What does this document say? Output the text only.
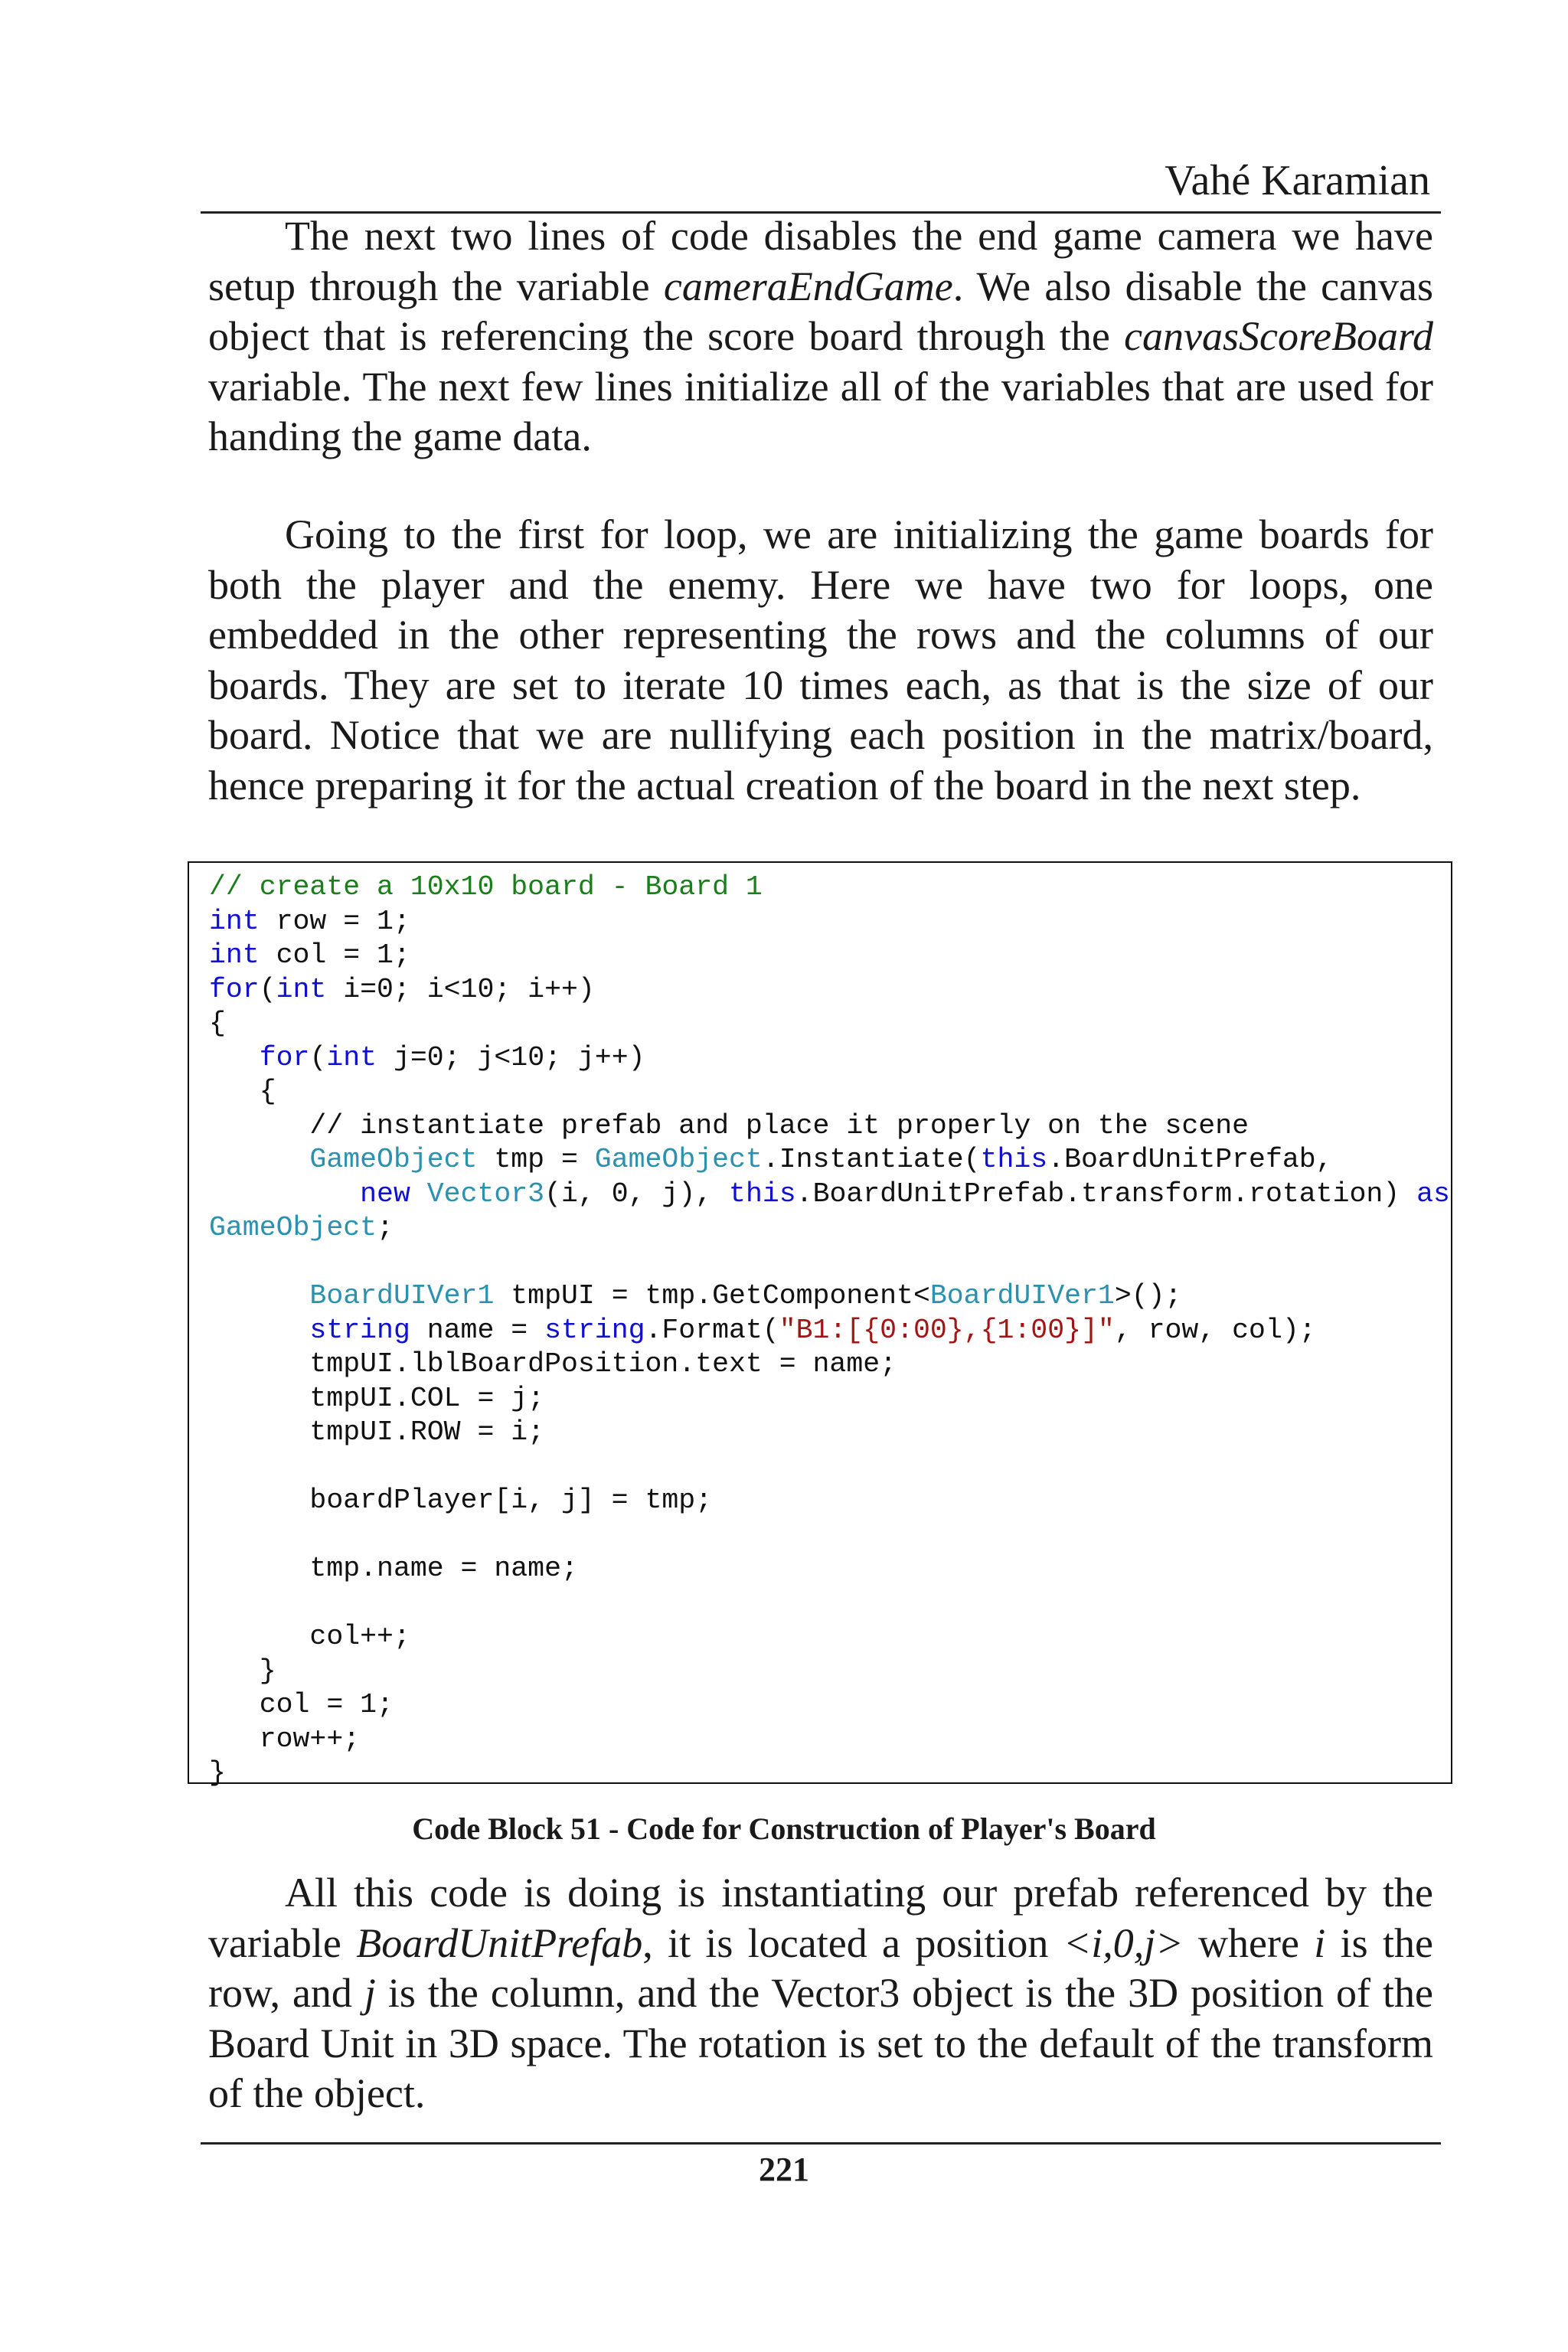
Vahé Karamian

The next two lines of code disables the end game camera we have setup through the variable cameraEndGame. We also disable the canvas object that is referencing the score board through the canvasScoreBoard variable. The next few lines initialize all of the variables that are used for handing the game data.

Going to the first for loop, we are initializing the game boards for both the player and the enemy. Here we have two for loops, one embedded in the other representing the rows and the columns of our boards. They are set to iterate 10 times each, as that is the size of our board. Notice that we are nullifying each position in the matrix/board, hence preparing it for the actual creation of the board in the next step.

// create a 10x10 board - Board 1
int row = 1;
int col = 1;
for(int i=0; i<10; i++)
{
for(int j=0; j<10; j++)
{
// instantiate prefab and place it properly on the scene
GameObject tmp = GameObject.Instantiate(this.BoardUnitPrefab,
new Vector3(i, 0, j), this.BoardUnitPrefab.transform.rotation) as
GameObject;
BoardUIVer1 tmpUI = tmp.GetComponent<BoardUIVer1>();
string name = string.Format("B1:[{0:00},{1:00}]", row, col);
tmpUI.lblBoardPosition.text = name;
tmpUI.COL = j;
tmpUI.ROW = i;
boardPlayer[i, j] = tmp;
tmp.name = name;
col++;
}
col = 1;
row++;
}
Code Block 51 - Code for Construction of Player's Board

All this code is doing is instantiating our prefab referenced by the variable BoardUnitPrefab, it is located a position <i,0,j> where i is the row, and j is the column, and the Vector3 object is the 3D position of the Board Unit in 3D space. The rotation is set to the default of the transform of the object.

221
